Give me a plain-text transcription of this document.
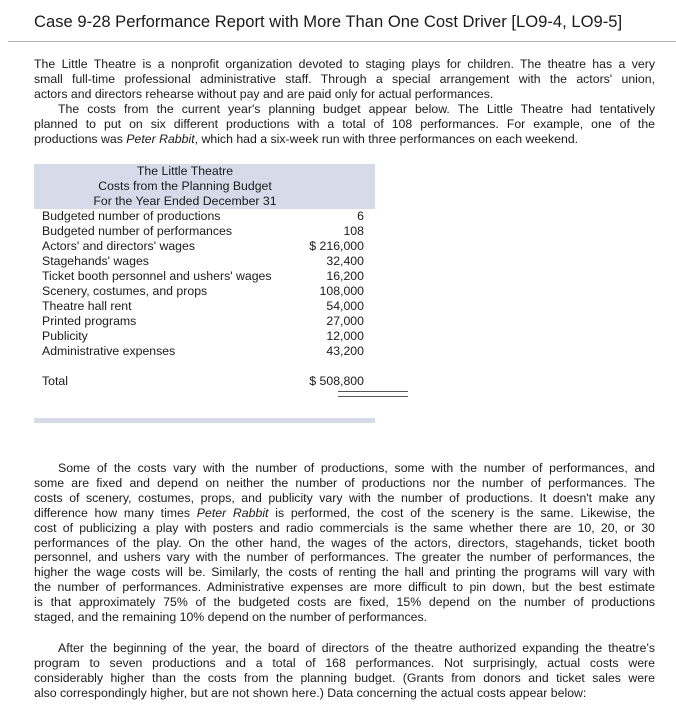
Case 9-28 Performance Report with More Than One Cost Driver [LO9-4, LO9-5]
The Little Theatre is a nonprofit organization devoted to staging plays for children. The theatre has a very
small full-time professional administrative staff. Through a special arrangement with the actors' union,
actors and directors rehearse without pay and are paid only for actual performances.
The costs from the current year's planning budget appear below. The Little Theatre had tentatively
planned to put on six different productions with a total of 108 performances. For example, one of the
productions was Peter Rabbit, which had a six-week run with three performances on each weekend.
The Little Theatre
Costs from the Planning Budget
For the Year Ended December 31
Budgeted number of productions	6
Budgeted number of performances	108
Actors' and directors' wages	$ 216,000
Stagehands' wages	32,400
Ticket booth personnel and ushers' wages	16,200
Scenery, costumes, and props	108,000
Theatre hall rent	54,000
Printed programs	27,000
Publicity	12,000
Administrative expenses	43,200
Total	$ 508,800
Some of the costs vary with the number of productions, some with the number of performances, and
some are fixed and depend on neither the number of productions nor the number of performances. The
costs of scenery, costumes, props, and publicity vary with the number of productions. It doesn't make any
difference how many times Peter Rabbit is performed, the cost of the scenery is the same. Likewise, the
cost of publicizing a play with posters and radio commercials is the same whether there are 10, 20, or 30
performances of the play. On the other hand, the wages of the actors, directors, stagehands, ticket booth
personnel, and ushers vary with the number of performances. The greater the number of performances, the
higher the wage costs will be. Similarly, the costs of renting the hall and printing the programs will vary with
the number of performances. Administrative expenses are more difficult to pin down, but the best estimate
is that approximately 75% of the budgeted costs are fixed, 15% depend on the number of productions
staged, and the remaining 10% depend on the number of performances.
After the beginning of the year, the board of directors of the theatre authorized expanding the theatre's
program to seven productions and a total of 168 performances. Not surprisingly, actual costs were
considerably higher than the costs from the planning budget. (Grants from donors and ticket sales were
also correspondingly higher, but are not shown here.) Data concerning the actual costs appear below:
